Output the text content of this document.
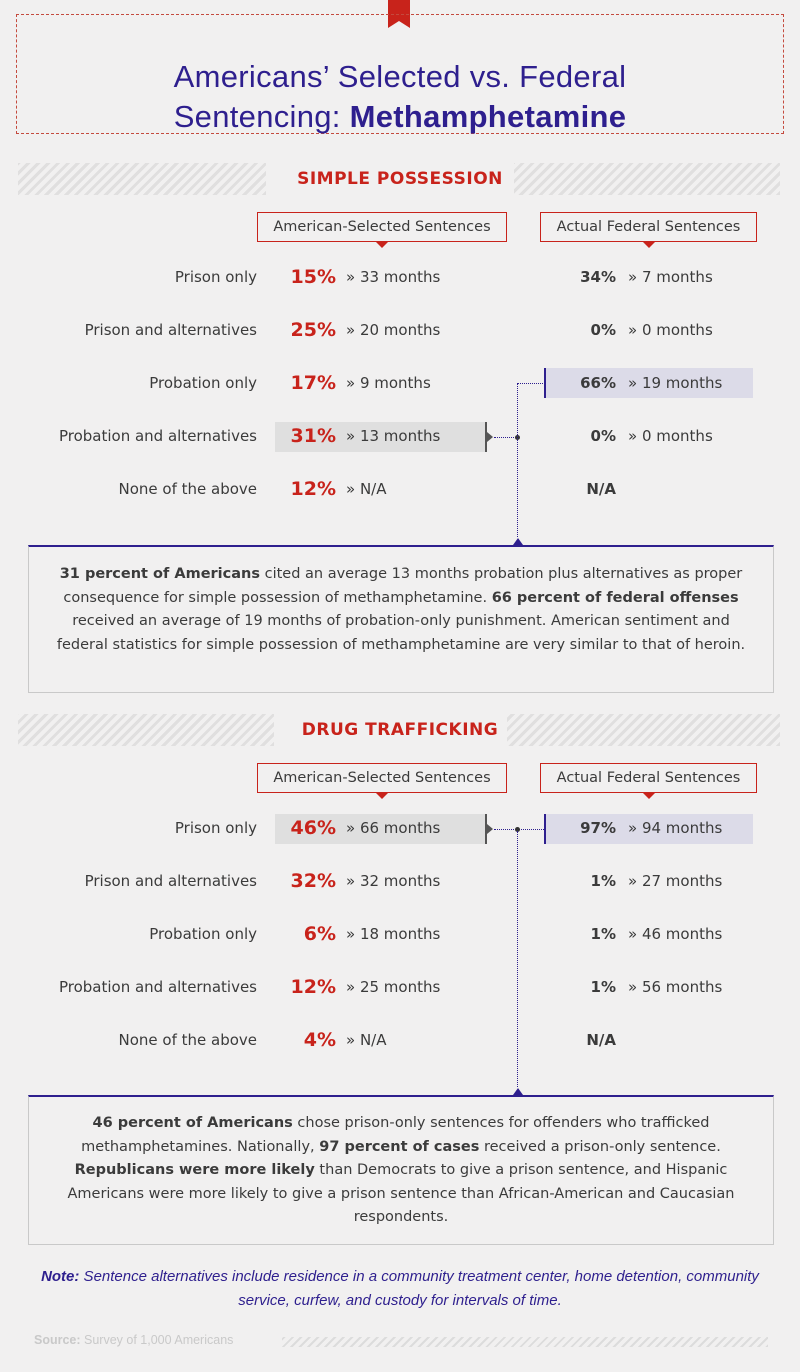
Americans’ Selected vs. Federal
Sentencing: Methamphetamine
SIMPLE POSSESSION
American-Selected Sentences	Actual Federal Sentences
Prison only	15% » 33 months	34% » 7 months
Prison and alternatives	25% » 20 months	0% » 0 months
Probation only	17% » 9 months	66% » 19 months
Probation and alternatives	31% » 13 months	0% » 0 months
None of the above	12% » N/A	N/A
31 percent of Americans cited an average 13 months probation plus alternatives as proper consequence for simple possession of methamphetamine. 66 percent of federal offenses received an average of 19 months of probation-only punishment. American sentiment and federal statistics for simple possession of methamphetamine are very similar to that of heroin.
DRUG TRAFFICKING
American-Selected Sentences	Actual Federal Sentences
Prison only	46% » 66 months	97% » 94 months
Prison and alternatives	32% » 32 months	1% » 27 months
Probation only	6% » 18 months	1% » 46 months
Probation and alternatives	12% » 25 months	1% » 56 months
None of the above	4% » N/A	N/A
46 percent of Americans chose prison-only sentences for offenders who trafficked methamphetamines. Nationally, 97 percent of cases received a prison-only sentence. Republicans were more likely than Democrats to give a prison sentence, and Hispanic Americans were more likely to give a prison sentence than African-American and Caucasian respondents.
Note: Sentence alternatives include residence in a community treatment center, home detention, community service, curfew, and custody for intervals of time.
Source: Survey of 1,000 Americans
